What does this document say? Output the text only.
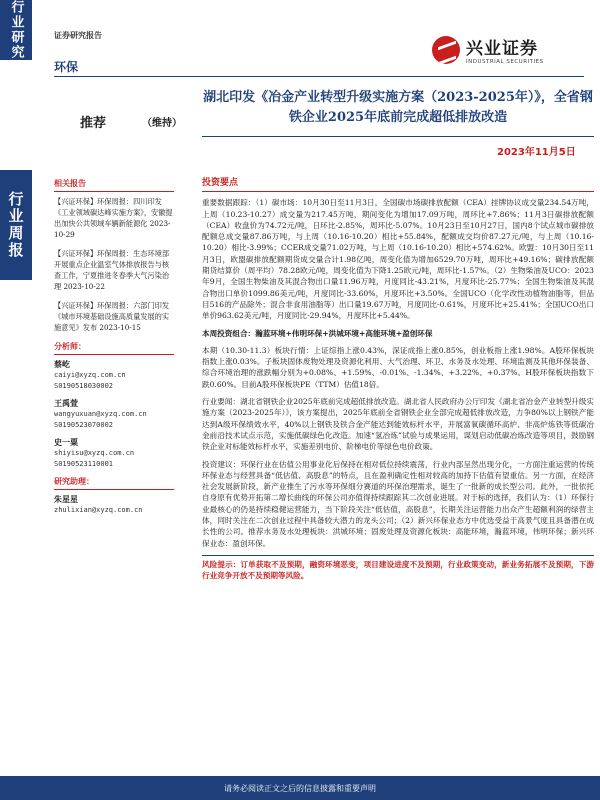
行业研究
行业周报
证券研究报告
环保
兴业证券
INDUSTRIAL SECURITIES
推荐	（维持）
湖北印发《冶金产业转型升级实施方案（2023-2025年）》，全省钢铁企业2025年底前完成超低排放改造
2023年11月5日
相关报告
【兴证环保】环保周报：四川印发《工业领域碳达峰实施方案》，安徽提出加快公共领域车辆新能源化 2023-10-29
【兴证环保】环保周报：生态环境部开展重点企业温室气体排放报告与核查工作，宁夏推进冬春季大气污染治理 2023-10-22
【兴证环保】环保周报：六部门印发《城市环境基础设施高质量发展的实施意见》发布 2023-10-15
分析师：
蔡屹
caiyi@xyzq.com.cn
S0190518030002
王禹萱
wangyuxuan@xyzq.com.cn
S0190523070002
史一粟
shiyisu@xyzq.com.cn
S0190523110001
研究助理：
朱星星
zhulixian@xyzq.com.cn
投资要点
重要数据跟踪：（1）碳市场：10月30日至11月3日，全国碳市场碳排放配额（CEA）挂牌协议成交量234.54万吨，上周（10.23-10.27）成交量为217.45万吨，期间变化为增加17.09万吨，周环比+7.86%；11月3日碳排放配额（CEA）收盘价为74.72元/吨，日环比-2.85%，周环比-5.07%。10月23日至10月27日，国内8个试点城市碳排放配额总成交量87.86万吨，与上周（10.16-10.20）相比+55.84%，配额成交均价87.27元/吨，与上周（10.16-10.20）相比-3.99%；CCER成交量71.02万吨，与上周（10.16-10.20）相比+574.62%。欧盟：10月30日至11月3日，欧盟碳排放配额期货成交量合计1.98亿吨，周变化值为增加6529.70万吨，周环比+49.16%；碳排放配额期货结算价（周平均）78.28欧元/吨，周变化值为下降1.25欧元/吨，周环比-1.57%。（2）生物柴油及UCO：2023年9月，全国生物柴油及其混合物出口量11.96万吨，月度同比-43.21%，月度环比-25.77%；全国生物柴油及其混合物出口单价1099.86美元/吨，月度同比-33.60%，月度环比+3.50%。全国UCO（化学改性动植物油脂等，但品目516的产品除外；混合非食用油脂等）出口量19.67万吨，月度同比-0.61%，月度环比+25.41%；全国UCO出口单价963.62美元/吨，月度同比-29.94%，月度环比+5.44%。
本周投资组合：瀚蓝环境+伟明环保+洪城环境+高能环境+盈创环保
本期（10.30-11.3）板块行情：上证综指上涨0.43%，深证成指上涨0.85%，创业板指上涨1.98%。A股环保板块指数上涨0.03%。子板块固体废物处理及资源化利用、大气治理、环卫、水务及水处理、环境监测及其他环保装备、综合环境治理的涨跌幅分别为+0.08%、+1.59%、-0.01%、-1.34%、+3.22%、+0.37%。H股环保板块指数下跌0.60%。目前A股环保板块PE（TTM）估值18倍。
行业要闻：湖北省钢铁企业2025年底前完成超低排放改造。湖北省人民政府办公厅印发《湖北省冶金产业转型升级实施方案（2023-2025年）》，该方案提出，2025年底前全省钢铁企业全部完成超低排放改造，力争80%以上钢铁产能达到A级环保绩效水平，40%以上钢铁及铁合金产能达到能效标杆水平，开展富氧碳循环高炉、非高炉炼铁等低碳冶金前沿技术试点示范，实施低碳绿色化改造。加速“氢冶炼”试验与成果运用，谋划启动低碳冶炼改造等项目，鼓励钢铁企业对标能效标杆水平，实施差别电价、阶梯电价等绿色电价政策。
投资建议：环保行业在估值公用事业化后保持在相对低位持续震荡，行业内部呈然出现分化，一方面注重运营的传统环保业态与经营具备“低估值、高股息”的特点，且在盈利确定性相对较高的加持下估值有望重估。另一方面，在经济社会发展新阶段，新产业推生了污水等环保细分赛道的环保治理需求，诞生了一批新的成长型公司。此外，一批依托自身原有优势开拓第二增长曲线的环保公司亦值得持续跟踪其二次创业进展。对于标的选择，我们认为：（1）环保行业最核心的仍是持续稳健运营能力，当下阶段关注“低估值，高股息”，长期关注运营能力出众产生超额利润的绿营主体，同时关注在二次创业过程中具备较大潜力的龙头公司；（2）新兴环保业态方中优选受益于高景气度且具备潜在成长性的公司。推荐水务及水处理板块：洪城环境；固废处理及资源化板块：高能环境，瀚蓝环境，伟明环保；新兴环保业态：盈创环保。
风险提示：订单获取不及预期，融资环境恶变，项目建设进度不及预期，行业政策变动，新业务拓展不及预期，下游行业竞争开放不及预期等风险。
请务必阅读正文之后的信息披露和重要声明
